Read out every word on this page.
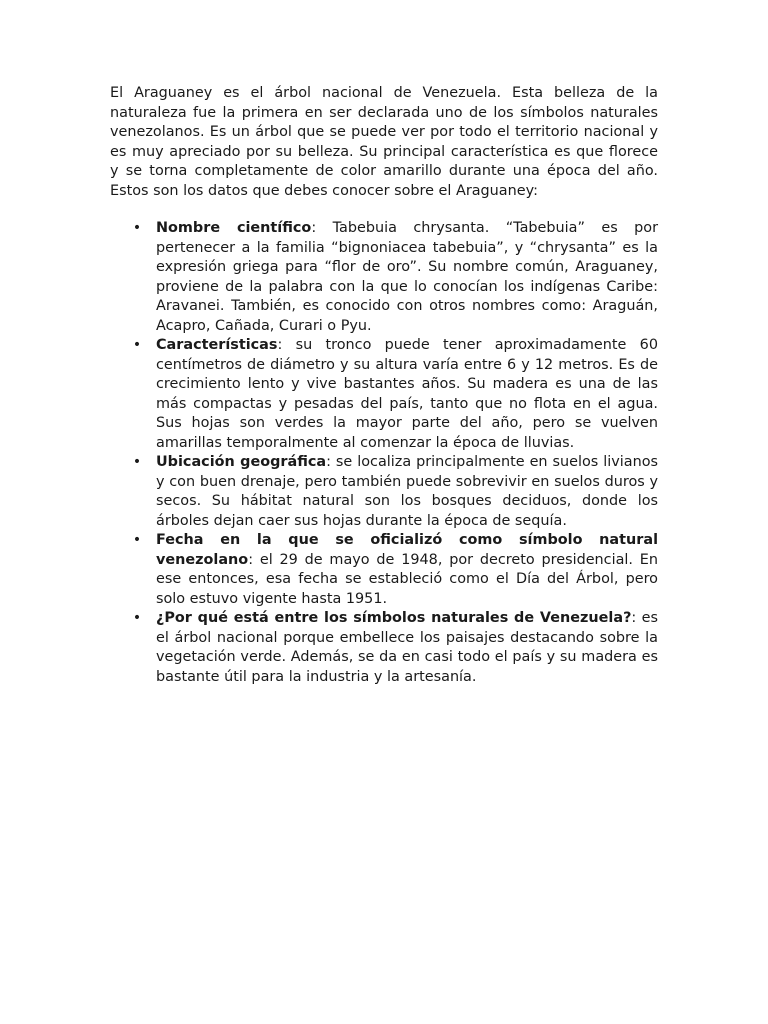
El Araguaney es el árbol nacional de Venezuela. Esta belleza de la naturaleza fue la primera en ser declarada uno de los símbolos naturales venezolanos. Es un árbol que se puede ver por todo el territorio nacional y es muy apreciado por su belleza. Su principal característica es que florece y se torna completamente de color amarillo durante una época del año. Estos son los datos que debes conocer sobre el Araguaney:

• Nombre científico: Tabebuia chrysanta. “Tabebuia” es por pertenecer a la familia “bignoniacea tabebuia”, y “chrysanta” es la expresión griega para “flor de oro”. Su nombre común, Araguaney, proviene de la palabra con la que lo conocían los indígenas Caribe: Aravanei. También, es conocido con otros nombres como: Araguán, Acapro, Cañada, Curari o Pyu.
• Características: su tronco puede tener aproximadamente 60 centímetros de diámetro y su altura varía entre 6 y 12 metros. Es de crecimiento lento y vive bastantes años. Su madera es una de las más compactas y pesadas del país, tanto que no flota en el agua. Sus hojas son verdes la mayor parte del año, pero se vuelven amarillas temporalmente al comenzar la época de lluvias.
• Ubicación geográfica: se localiza principalmente en suelos livianos y con buen drenaje, pero también puede sobrevivir en suelos duros y secos. Su hábitat natural son los bosques deciduos, donde los árboles dejan caer sus hojas durante la época de sequía.
• Fecha en la que se oficializó como símbolo natural venezolano: el 29 de mayo de 1948, por decreto presidencial. En ese entonces, esa fecha se estableció como el Día del Árbol, pero solo estuvo vigente hasta 1951.
• ¿Por qué está entre los símbolos naturales de Venezuela?: es el árbol nacional porque embellece los paisajes destacando sobre la vegetación verde. Además, se da en casi todo el país y su madera es bastante útil para la industria y la artesanía.
